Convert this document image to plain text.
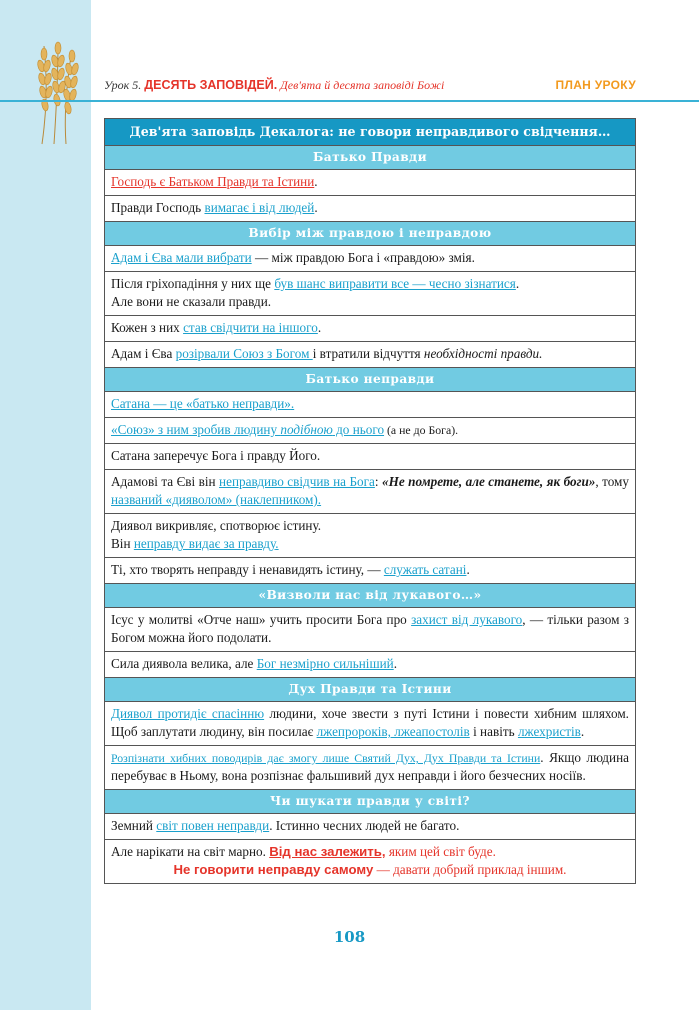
Урок 5. ДЕСЯТЬ ЗАПОВІДЕЙ. Дев'ята й десята заповіді Божі	ПЛАН УРОКУ
Дев'ята заповідь Декалога: не говори неправдивого свідчення…
Батько Правди
Господь є Батьком Правди та Істини.
Правди Господь вимагає і від людей.
Вибір між правдою і неправдою
Адам і Єва мали вибрати — між правдою Бога і «правдою» змія.
Після гріхопадіння у них ще був шанс виправити все — чесно зізнатися.
Але вони не сказали правди.
Кожен з них став свідчити на іншого.
Адам і Єва розірвали Союз з Богом і втратили відчуття необхідності правди.
Батько неправди
Сатана — це «батько неправди».
«Союз» з ним зробив людину подібною до нього (а не до Бога).
Сатана заперечує Бога і правду Його.
Адамові та Єві він неправдиво свідчив на Бога: «Не помрете, але станете, як боги», тому названий «дияволом» (наклепником).
Диявол викривляє, спотворює істину.
Він неправду видає за правду.
Ті, хто творять неправду і ненавидять істину, — служать сатані.
«Визволи нас від лукавого…»
Ісус у молитві «Отче наш» учить просити Бога про захист від лукавого, — тільки разом з Богом можна його подолати.
Сила диявола велика, але Бог незмірно сильніший.
Дух Правди та Істини
Диявол протидіє спасінню людини, хоче звести з путі Істини і повести хибним шляхом. Щоб заплутати людину, він посилає лжепророків, лжеапостолів і навіть лжехристів.
Розпізнати хибних поводирів дає змогу лише Святий Дух, Дух Правди та Істини. Якщо людина перебуває в Ньому, вона розпізнає фальшивий дух неправди і його безчесних носіїв.
Чи шукати правди у світі?
Земний світ повен неправди. Істинно чесних людей не багато.

Але нарікати на світ марно. Від нас залежить, яким цей світ буде.
Не говорити неправду самому — давати добрий приклад іншим.
108
